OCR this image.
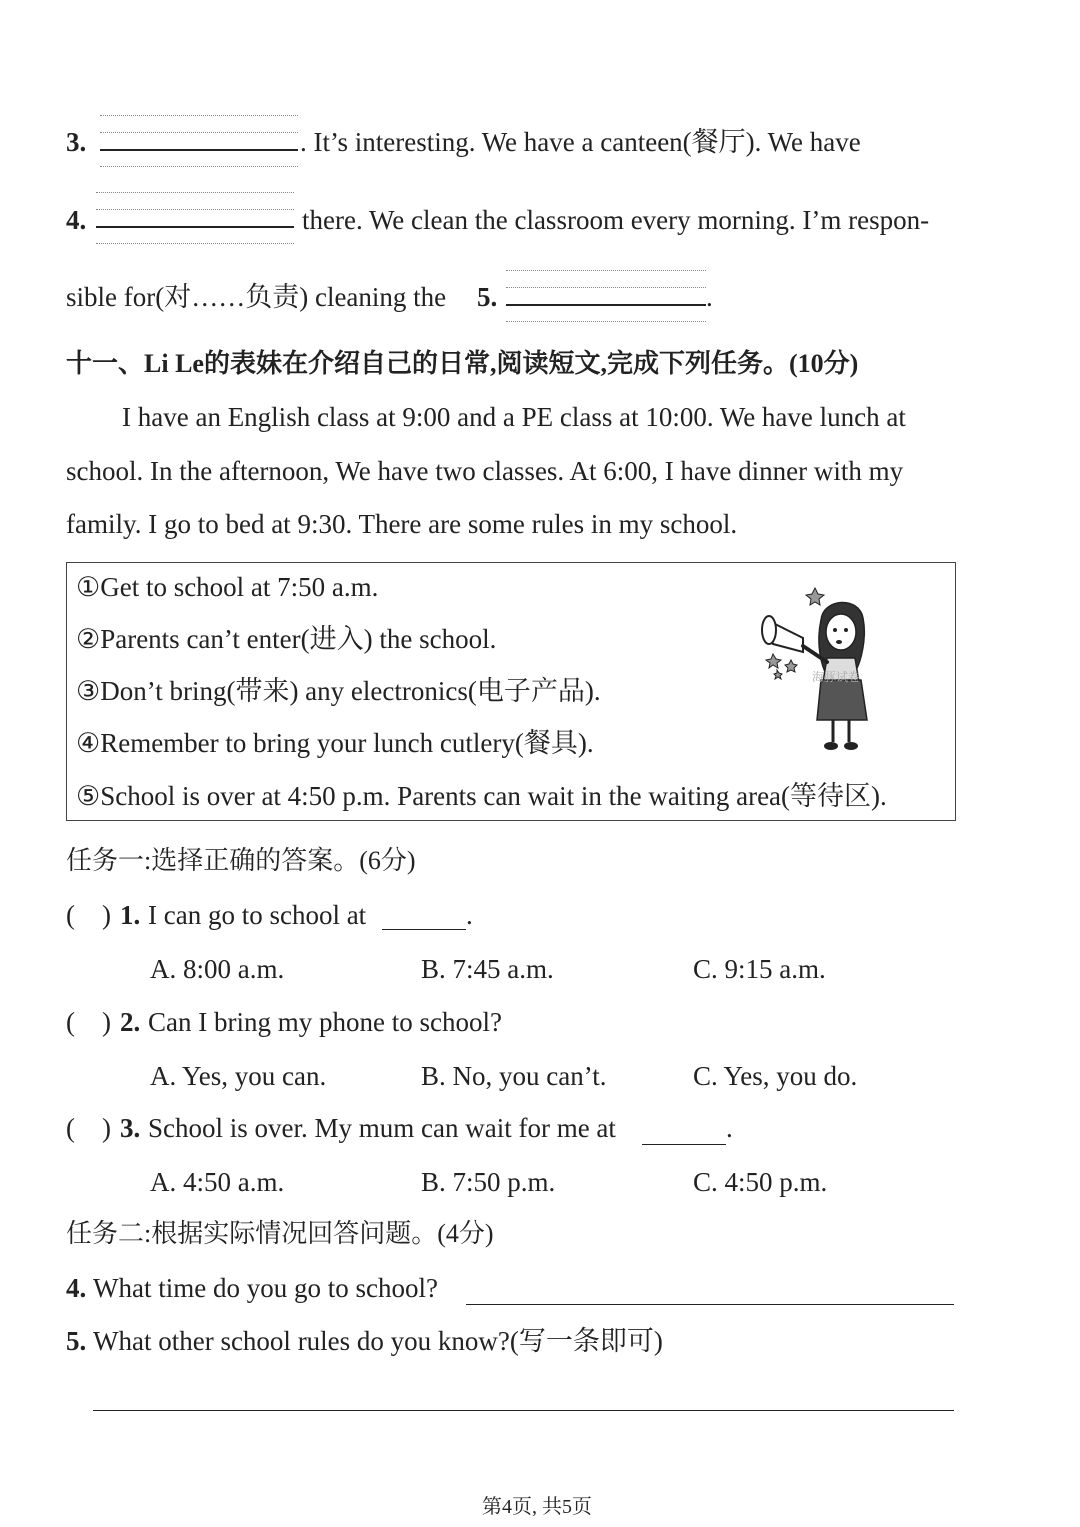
3.	. It’s interesting. We have a canteen(餐厅). We have
4.	there. We clean the classroom every morning. I’m respon-
sible for(对……负责) cleaning the 5.	.
十一、Li Le的表妹在介绍自己的日常,阅读短文,完成下列任务。(10分)
I have an English class at 9:00 and a PE class at 10:00. We have lunch at
school. In the afternoon, We have two classes. At 6:00, I have dinner with my
family. I go to bed at 9:30. There are some rules in my school.
①Get to school at 7:50 a.m.
②Parents can’t enter(进入) the school.
③Don’t bring(带来) any electronics(电子产品).
④Remember to bring your lunch cutlery(餐具).
⑤School is over at 4:50 p.m. Parents can wait in the waiting area(等待区).
海豚试卷
任务一:选择正确的答案。(6分)
(    ) 1. I can go to school at	.
A. 8:00 a.m.	B. 7:45 a.m.	C. 9:15 a.m.
(    ) 2. Can I bring my phone to school?
A. Yes, you can.	B. No, you can’t.	C. Yes, you do.
(    ) 3. School is over. My mum can wait for me at	.
A. 4:50 a.m.	B. 7:50 p.m.	C. 4:50 p.m.
任务二:根据实际情况回答问题。(4分)
4. What time do you go to school?
5. What other school rules do you know?(写一条即可)
第4页, 共5页
